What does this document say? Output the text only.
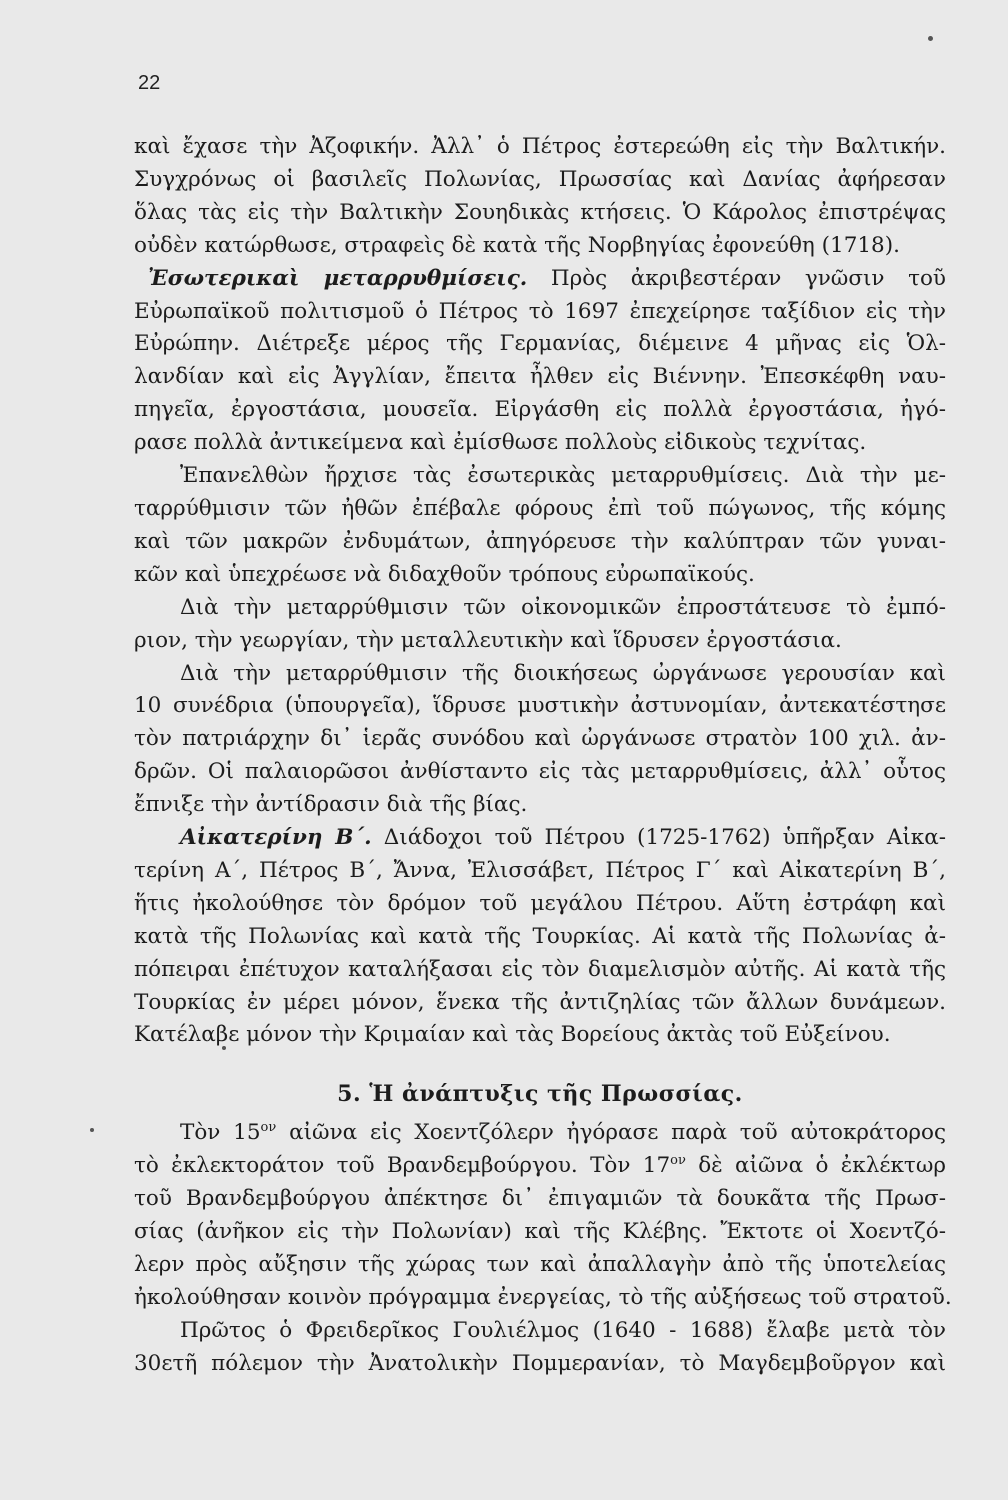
22
καὶ ἔχασε τὴν Ἀζοφικήν. Ἀλλ᾽ ὁ Πέτρος ἐστερεώθη εἰς τὴν Βαλτικήν.
Συγχρόνως οἱ βασιλεῖς Πολωνίας, Πρωσσίας καὶ Δανίας ἀφήρεσαν
ὅλας τὰς εἰς τὴν Βαλτικὴν Σουηδικὰς κτήσεις. Ὁ Κάρολος ἐπιστρέψας
οὐδὲν κατώρθωσε, στραφεὶς δὲ κατὰ τῆς Νορβηγίας ἐφονεύθη (1718).
Ἐσωτερικαὶ μεταρρυθμίσεις. Πρὸς ἀκριβεστέραν γνῶσιν τοῦ
Εὐρωπαϊκοῦ πολιτισμοῦ ὁ Πέτρος τὸ 1697 ἐπεχείρησε ταξίδιον εἰς τὴν
Εὐρώπην. Διέτρεξε μέρος τῆς Γερμανίας, διέμεινε 4 μῆνας εἰς Ὁλ-
λανδίαν καὶ εἰς Ἀγγλίαν, ἔπειτα ἦλθεν εἰς Βιέννην. Ἐπεσκέφθη ναυ-
πηγεῖα, ἐργοστάσια, μουσεῖα. Εἰργάσθη εἰς πολλὰ ἐργοστάσια, ἠγό-
ρασε πολλὰ ἀντικείμενα καὶ ἐμίσθωσε πολλοὺς εἰδικοὺς τεχνίτας.
Ἐπανελθὼν ἤρχισε τὰς ἐσωτερικὰς μεταρρυθμίσεις. Διὰ τὴν με-
ταρρύθμισιν τῶν ἠθῶν ἐπέβαλε φόρους ἐπὶ τοῦ πώγωνος, τῆς κόμης
καὶ τῶν μακρῶν ἐνδυμάτων, ἀπηγόρευσε τὴν καλύπτραν τῶν γυναι-
κῶν καὶ ὑπεχρέωσε νὰ διδαχθοῦν τρόπους εὐρωπαϊκούς.
Διὰ τὴν μεταρρύθμισιν τῶν οἰκονομικῶν ἐπροστάτευσε τὸ ἐμπό-
ριον, τὴν γεωργίαν, τὴν μεταλλευτικὴν καὶ ἵδρυσεν ἐργοστάσια.
Διὰ τὴν μεταρρύθμισιν τῆς διοικήσεως ὠργάνωσε γερουσίαν καὶ
10 συνέδρια (ὑπουργεῖα), ἵδρυσε μυστικὴν ἀστυνομίαν, ἀντεκατέστησε
τὸν πατριάρχην δι᾽ ἱερᾶς συνόδου καὶ ὠργάνωσε στρατὸν 100 χιλ. ἀν-
δρῶν. Οἱ παλαιορῶσοι ἀνθίσταντο εἰς τὰς μεταρρυθμίσεις, ἀλλ᾽ οὗτος
ἔπνιξε τὴν ἀντίδρασιν διὰ τῆς βίας.
Αἰκατερίνη Β΄. Διάδοχοι τοῦ Πέτρου (1725-1762) ὑπῆρξαν Αἰκα-
τερίνη Α΄, Πέτρος Β΄, Ἄννα, Ἐλισσάβετ, Πέτρος Γ΄ καὶ Αἰκατερίνη Β΄,
ἥτις ἠκολούθησε τὸν δρόμον τοῦ μεγάλου Πέτρου. Αὕτη ἐστράφη καὶ
κατὰ τῆς Πολωνίας καὶ κατὰ τῆς Τουρκίας. Αἱ κατὰ τῆς Πολωνίας ἀ-
πόπειραι ἐπέτυχον καταλήξασαι εἰς τὸν διαμελισμὸν αὐτῆς. Αἱ κατὰ τῆς
Τουρκίας ἐν μέρει μόνον, ἕνεκα τῆς ἀντιζηλίας τῶν ἄλλων δυνάμεων.
Κατέλαβε μόνον τὴν Κριμαίαν καὶ τὰς Βορείους ἀκτὰς τοῦ Εὐξείνου.
5. Ἡ ἀνάπτυξις τῆς Πρωσσίας.
Τὸν $15^{o\nu}$ αἰῶνα εἰς Χοεντζόλερν ἠγόρασε παρὰ τοῦ αὐτοκράτορος
τὸ ἐκλεκτοράτον τοῦ Βρανδεμβούργου. Τὸν $17^{o\nu}$ δὲ αἰῶνα ὁ ἐκλέκτωρ
τοῦ Βρανδεμβούργου ἀπέκτησε δι᾽ ἐπιγαμιῶν τὰ δουκᾶτα τῆς Πρωσ-
σίας (ἀνῆκον εἰς τὴν Πολωνίαν) καὶ τῆς Κλέβης. Ἔκτοτε οἱ Χοεντζό-
λερν πρὸς αὔξησιν τῆς χώρας των καὶ ἀπαλλαγὴν ἀπὸ τῆς ὑποτελείας
ἠκολούθησαν κοινὸν πρόγραμμα ἐνεργείας, τὸ τῆς αὐξήσεως τοῦ στρατοῦ.
Πρῶτος ὁ Φρειδερῖκος Γουλιέλμος (1640 - 1688) ἔλαβε μετὰ τὸν
30ετῆ πόλεμον τὴν Ἀνατολικὴν Πομμερανίαν, τὸ Μαγδεμβοῦργον καὶ
